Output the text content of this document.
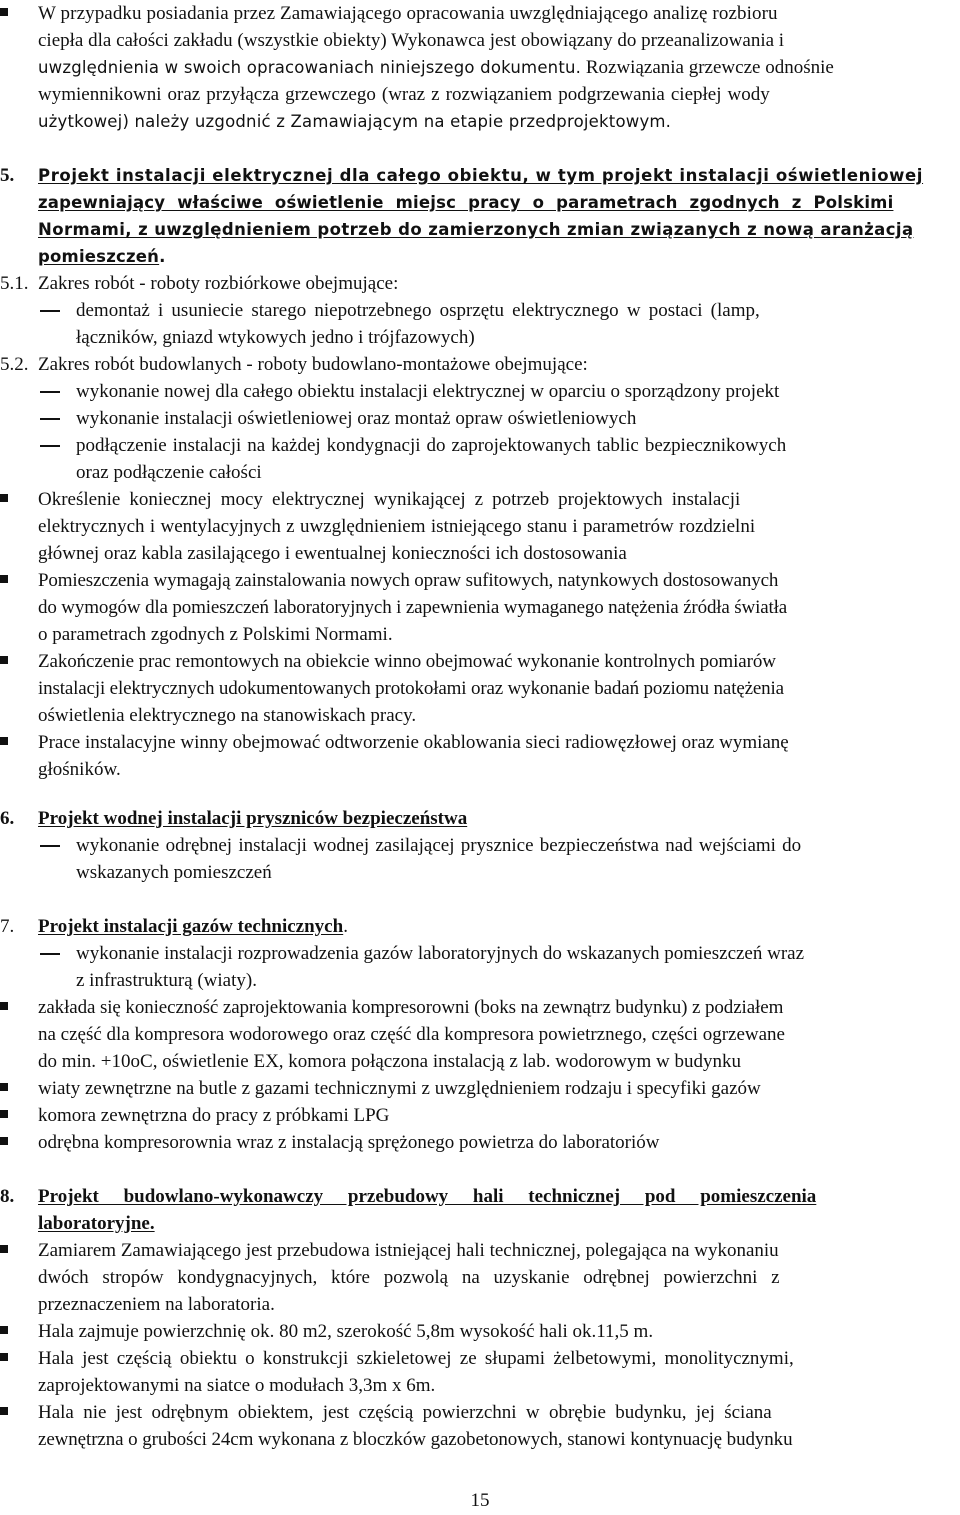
W przypadku posiadania przez Zamawiającego opracowania uwzględniającego analizę rozbioru
ciepła dla całości zakładu (wszystkie obiekty) Wykonawca jest obowiązany do przeanalizowania i
uwzględnienia w swoich opracowaniach niniejszego dokumentu. Rozwiązania grzewcze odnośnie
wymiennikowni oraz przyłącza grzewczego (wraz z rozwiązaniem podgrzewania ciepłej wody
użytkowej) należy uzgodnić z Zamawiającym na etapie przedprojektowym.
5. Projekt instalacji elektrycznej dla całego obiektu, w tym projekt instalacji oświetleniowej
zapewniający właściwe oświetlenie miejsc pracy o parametrach zgodnych z Polskimi
Normami, z uwzględnieniem potrzeb do zamierzonych zmian związanych z nową aranżacją
pomieszczeń.
5.1. Zakres robót - roboty rozbiórkowe obejmujące:
demontaż i usuniecie starego niepotrzebnego osprzętu elektrycznego w postaci (lamp,
łączników, gniazd wtykowych jedno i trójfazowych)
5.2. Zakres robót budowlanych - roboty budowlano-montażowe obejmujące:
wykonanie nowej dla całego obiektu instalacji elektrycznej w oparciu o sporządzony projekt
wykonanie instalacji oświetleniowej oraz montaż opraw oświetleniowych
podłączenie instalacji na każdej kondygnacji do zaprojektowanych tablic bezpiecznikowych
oraz podłączenie całości
Określenie koniecznej mocy elektrycznej wynikającej z potrzeb projektowych instalacji
elektrycznych i wentylacyjnych z uwzględnieniem istniejącego stanu i parametrów rozdzielni
głównej oraz kabla zasilającego i ewentualnej konieczności ich dostosowania
Pomieszczenia wymagają zainstalowania nowych opraw sufitowych, natynkowych dostosowanych
do wymogów dla pomieszczeń laboratoryjnych i zapewnienia wymaganego natężenia źródła światła
o parametrach zgodnych z Polskimi Normami.
Zakończenie prac remontowych na obiekcie winno obejmować wykonanie kontrolnych pomiarów
instalacji elektrycznych udokumentowanych protokołami oraz wykonanie badań poziomu natężenia
oświetlenia elektrycznego na stanowiskach pracy.
Prace instalacyjne winny obejmować odtworzenie okablowania sieci radiowęzłowej oraz wymianę
głośników.
6. Projekt wodnej instalacji pryszniców bezpieczeństwa
wykonanie odrębnej instalacji wodnej zasilającej prysznice bezpieczeństwa nad wejściami do
wskazanych pomieszczeń
7. Projekt instalacji gazów technicznych.
wykonanie instalacji rozprowadzenia gazów laboratoryjnych do wskazanych pomieszczeń wraz
z infrastrukturą (wiaty).
zakłada się konieczność zaprojektowania kompresorowni (boks na zewnątrz budynku) z podziałem
na część dla kompresora wodorowego oraz część dla kompresora powietrznego, części ogrzewane
do min. +10oC, oświetlenie EX, komora połączona instalacją z lab. wodorowym w budynku
wiaty zewnętrzne na butle z gazami technicznymi z uwzględnieniem rodzaju i specyfiki gazów
komora zewnętrzna do pracy z próbkami LPG
odrębna kompresorownia wraz z instalacją sprężonego powietrza do laboratoriów
8. Projekt budowlano-wykonawczy przebudowy hali technicznej pod pomieszczenia
laboratoryjne.
Zamiarem Zamawiającego jest przebudowa istniejącej hali technicznej, polegająca na wykonaniu
dwóch stropów kondygnacyjnych, które pozwolą na uzyskanie odrębnej powierzchni z
przeznaczeniem na laboratoria.
Hala zajmuje powierzchnię ok. 80 m2, szerokość 5,8m wysokość hali ok.11,5 m.
Hala jest częścią obiektu o konstrukcji szkieletowej ze słupami żelbetowymi, monolitycznymi,
zaprojektowanymi na siatce o modułach 3,3m x 6m.
Hala nie jest odrębnym obiektem, jest częścią powierzchni w obrębie budynku, jej ściana
zewnętrzna o grubości 24cm wykonana z bloczków gazobetonowych, stanowi kontynuację budynku
15
